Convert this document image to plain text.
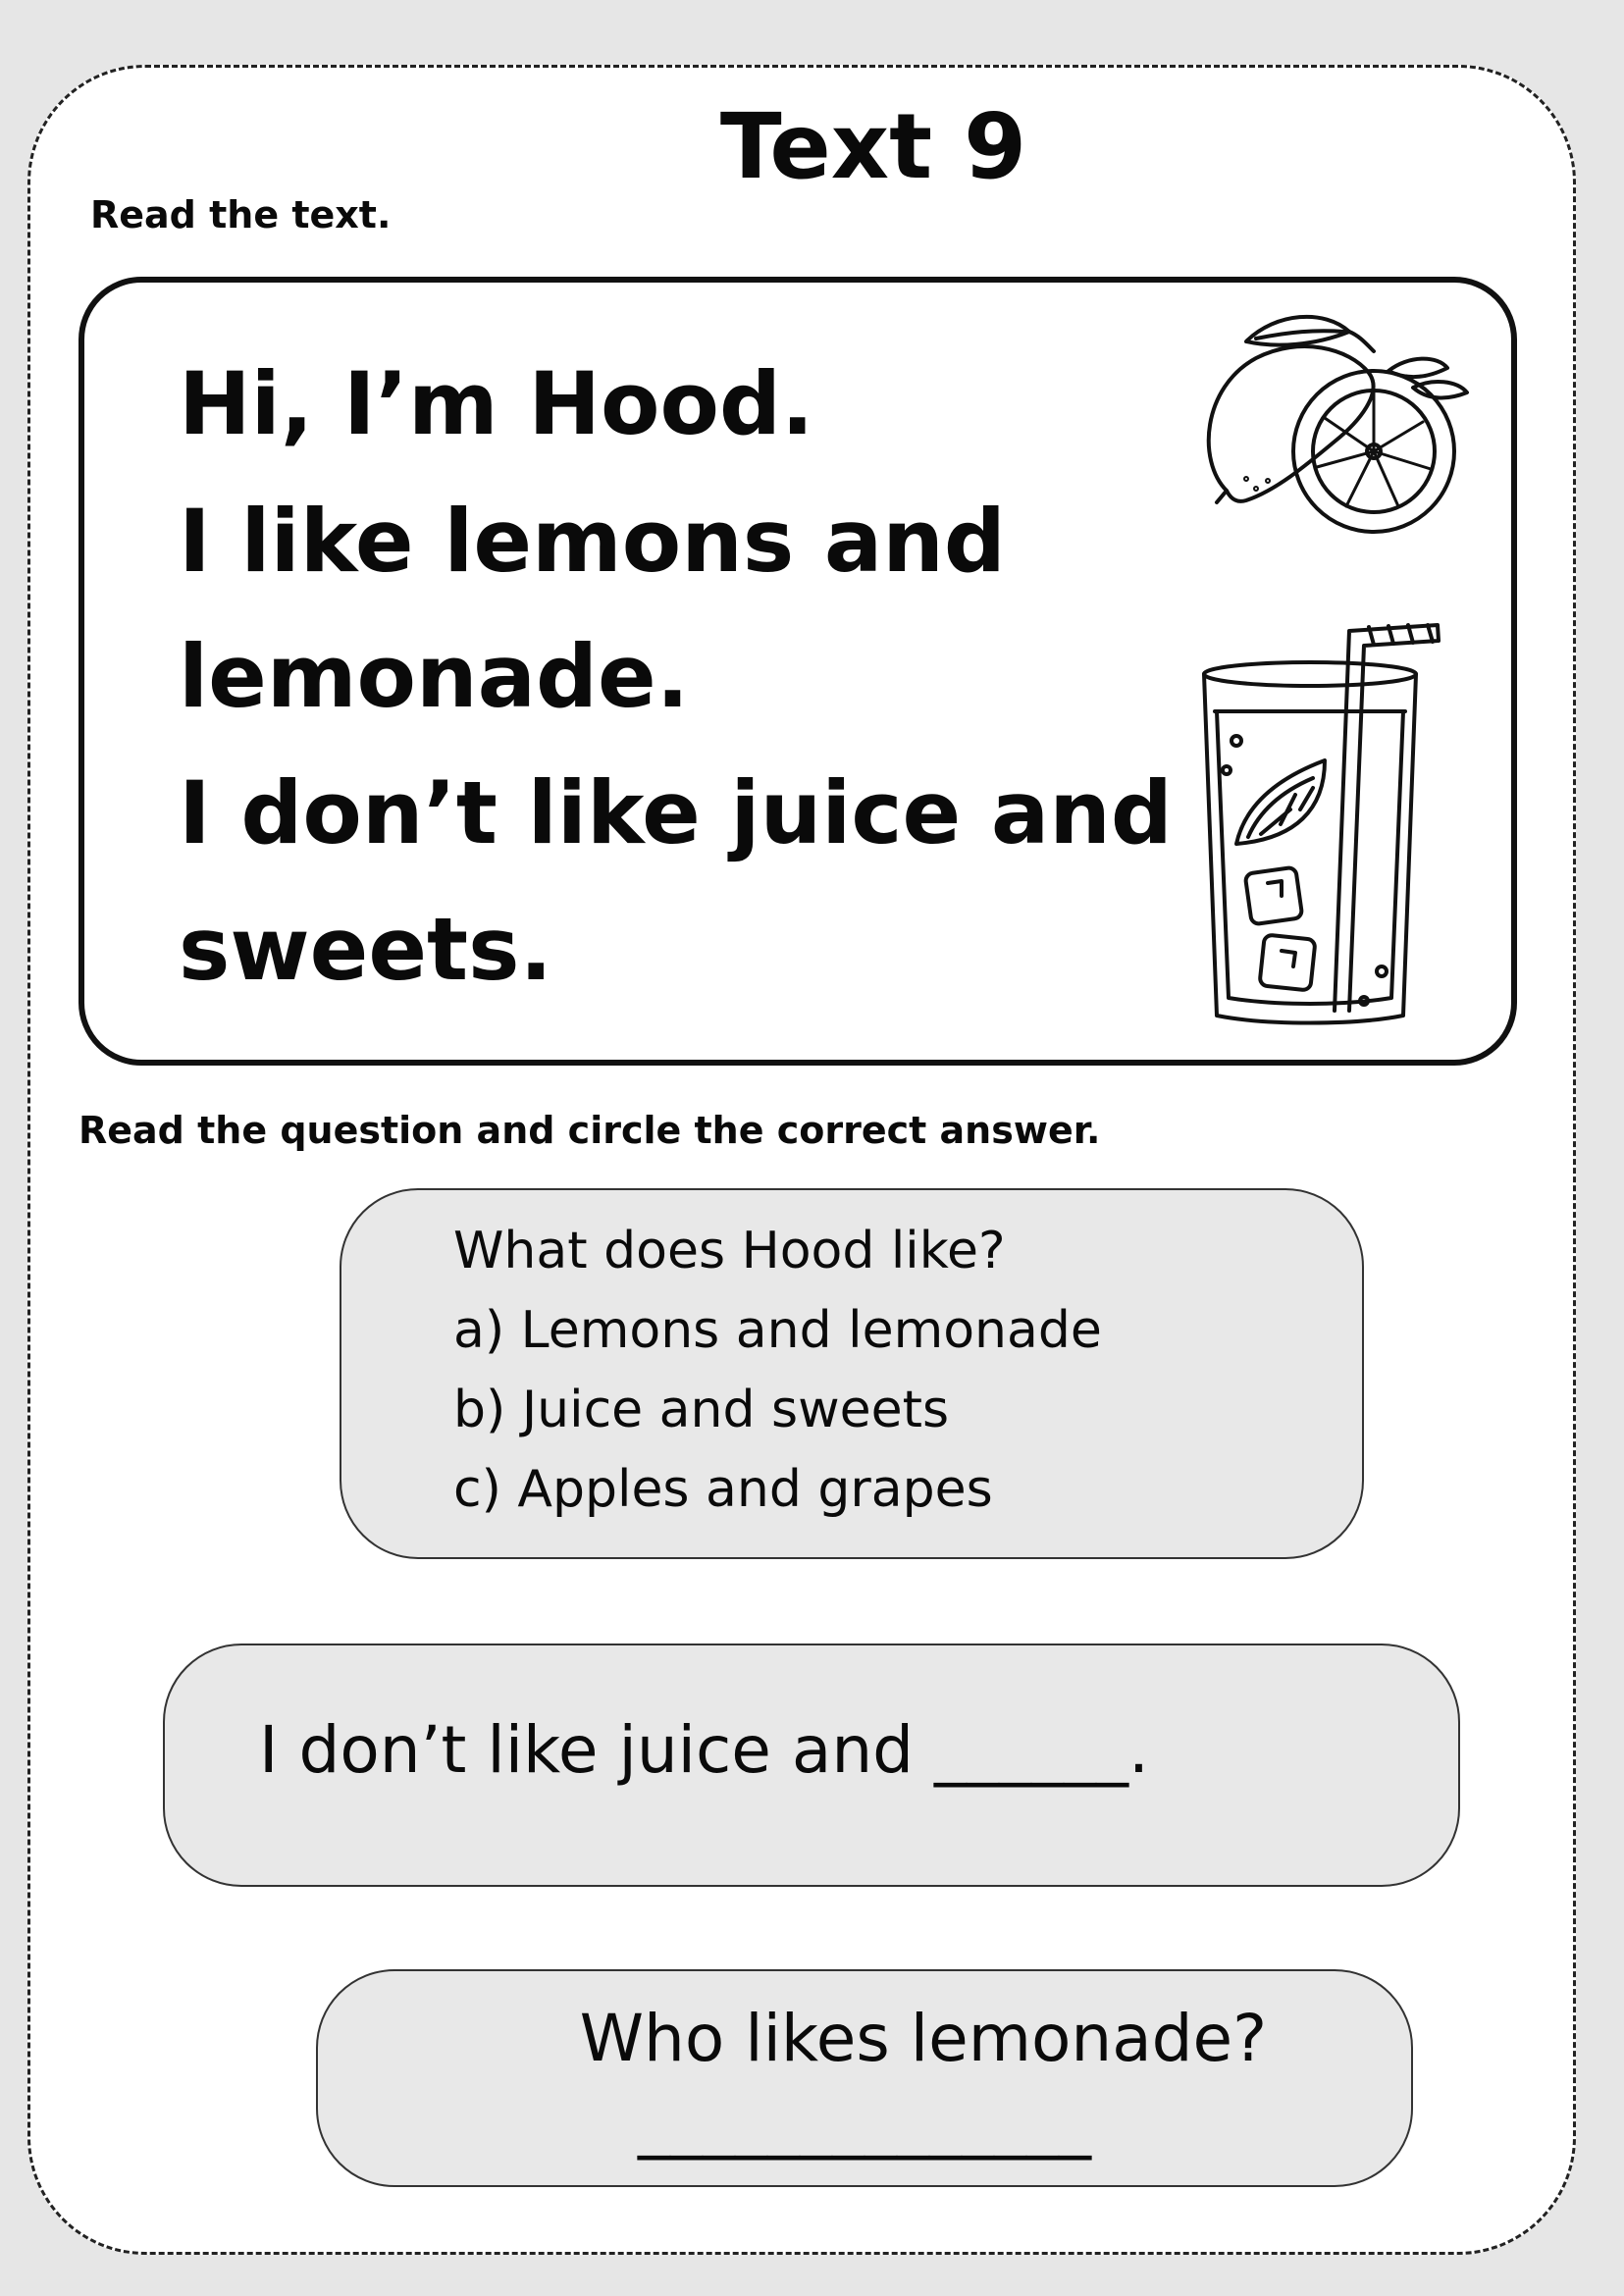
Text 9
Read the text.
Hi, I’m Hood.
I like lemons and
lemonade.
I don’t like juice and
sweets.
Read the question and circle the correct answer.
What does Hood like?
a) Lemons and lemonade
b) Juice and sweets
c) Apples and grapes
I don’t like juice and ______.
Who likes lemonade?
______________
